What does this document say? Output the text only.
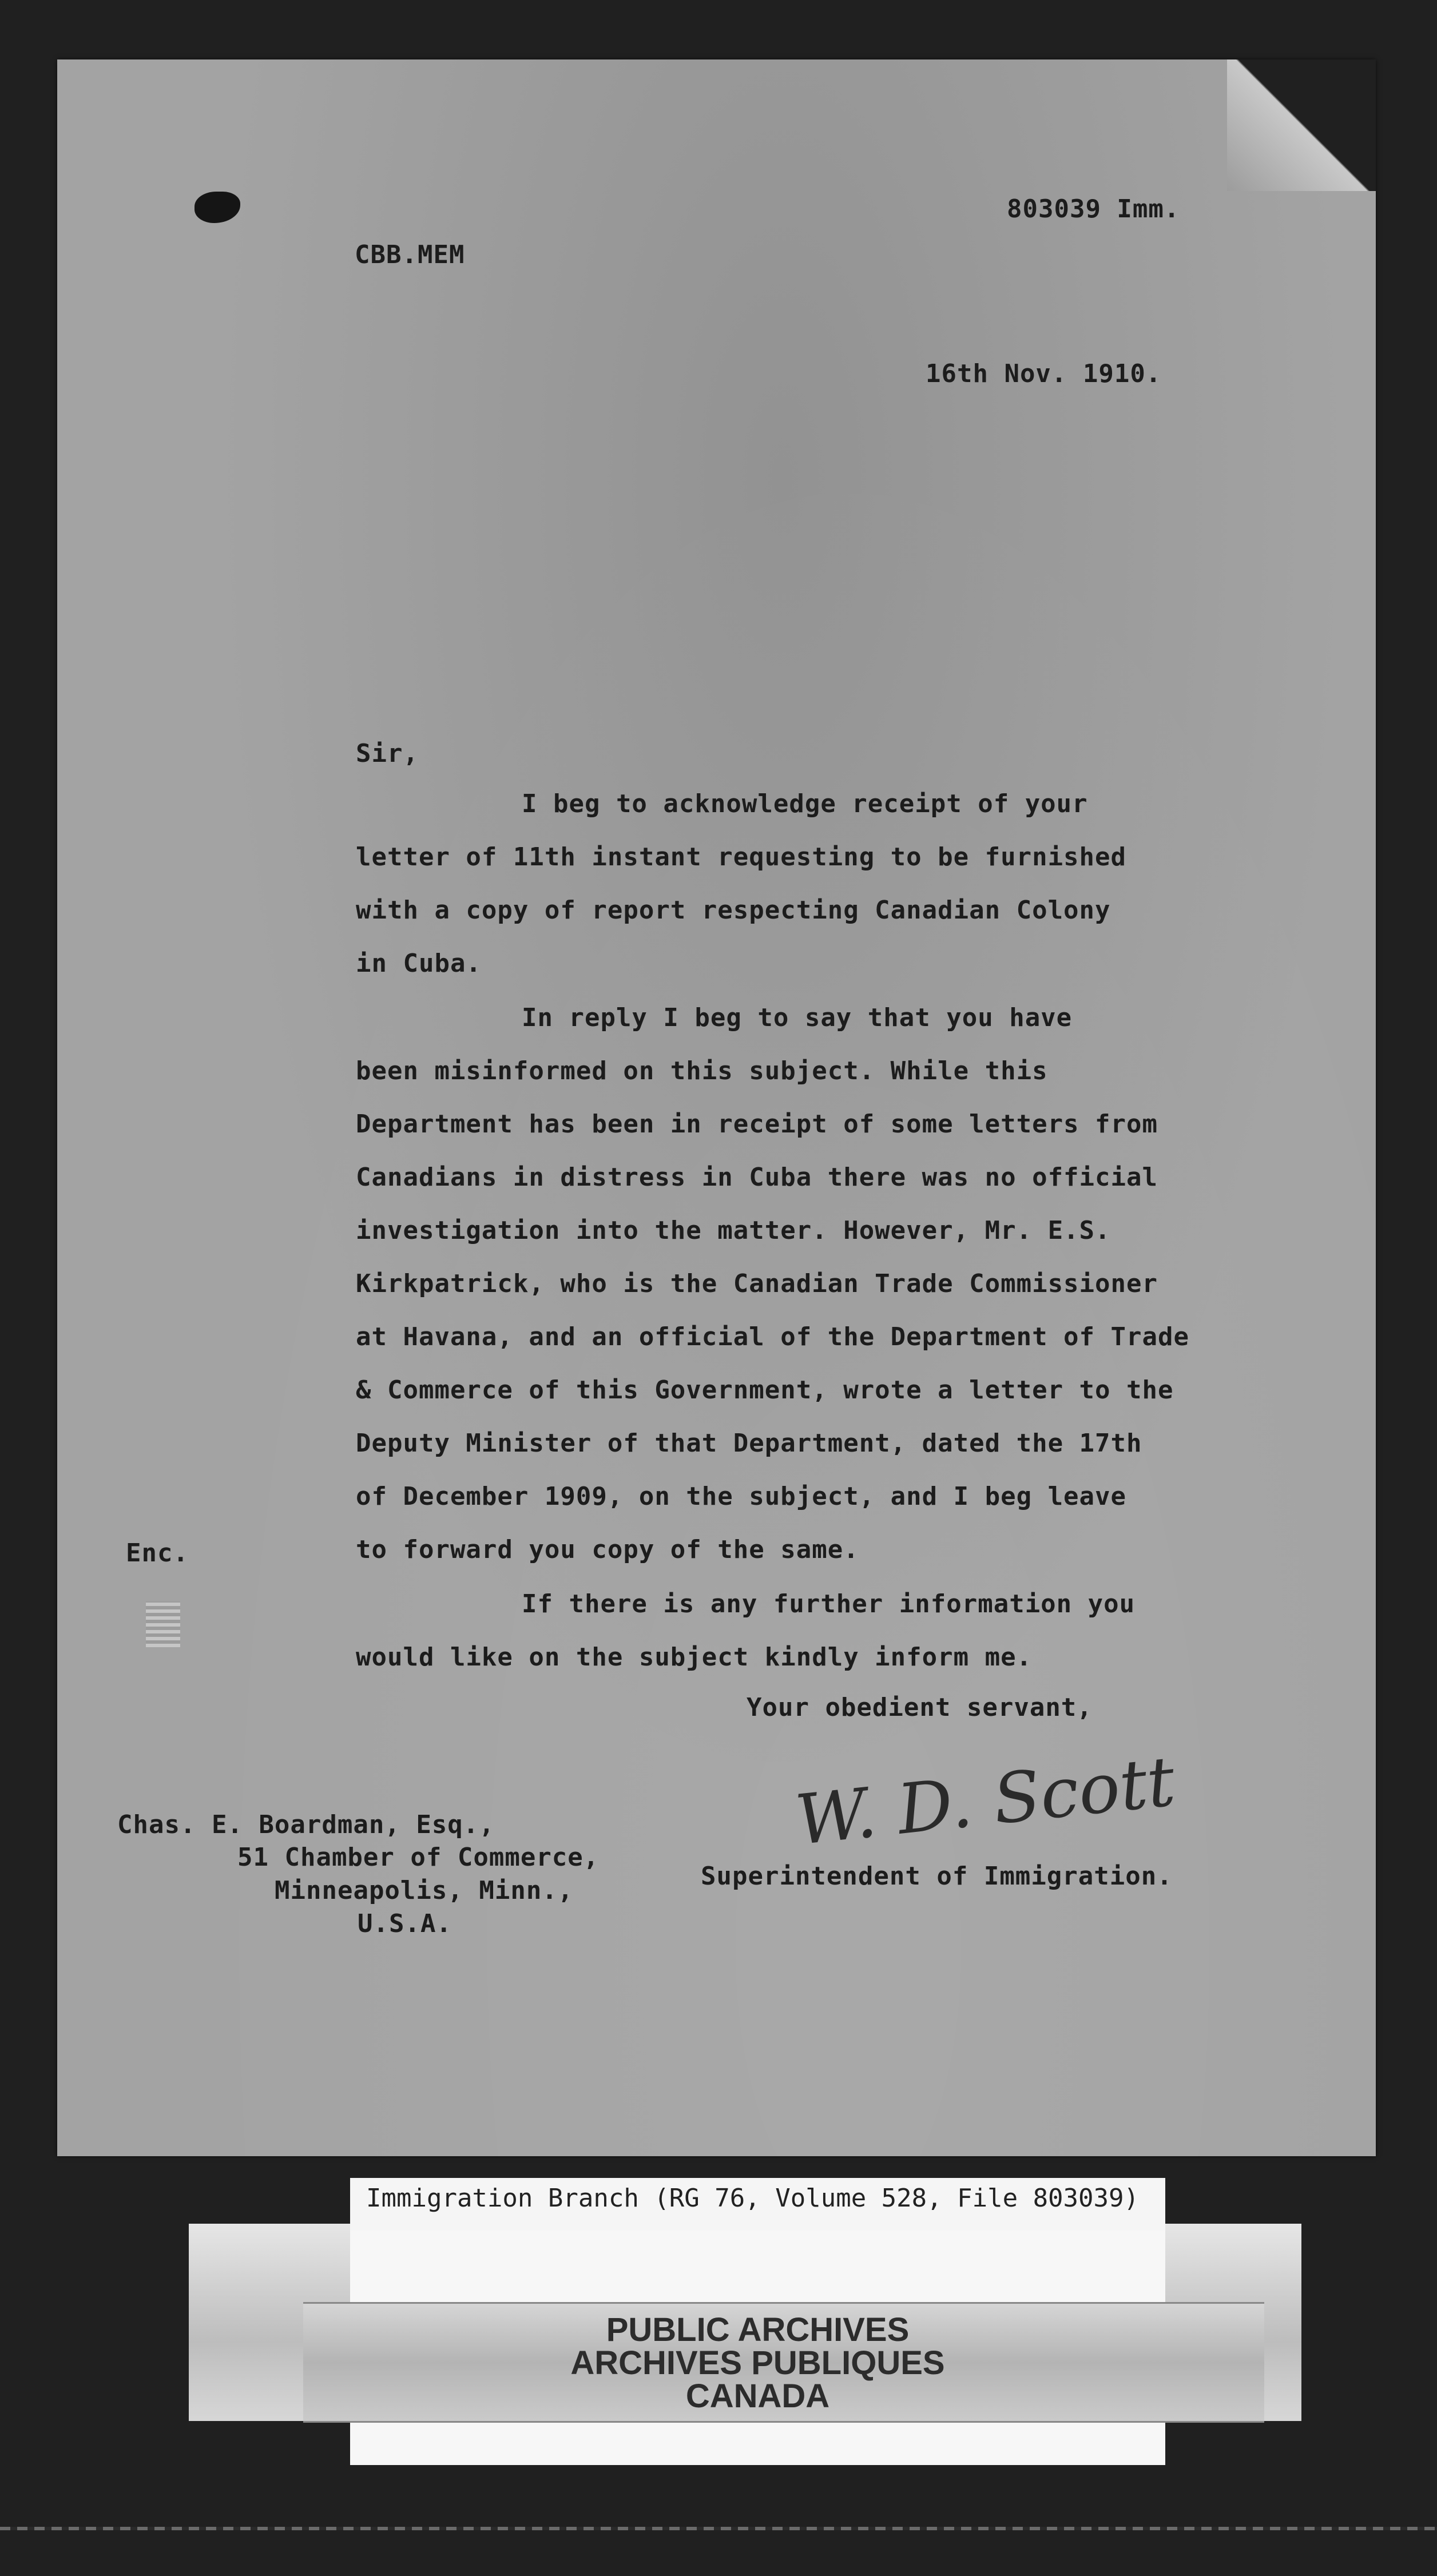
803039 Imm.
CBB.MEM
16th Nov. 1910.
Sir,
I beg to acknowledge receipt of your
letter of 11th instant requesting to be furnished
with a copy of report respecting Canadian Colony
in Cuba.
In reply I beg to say that you have
been misinformed on this subject. While this
Department has been in receipt of some letters from
Canadians in distress in Cuba there was no official
investigation into the matter. However, Mr. E.S.
Kirkpatrick, who is the Canadian Trade Commissioner
at Havana, and an official of the Department of Trade
& Commerce of this Government, wrote a letter to the
Deputy Minister of that Department, dated the 17th
of December 1909, on the subject, and I beg leave
to forward you copy of the same.
If there is any further information you
would like on the subject kindly inform me.
Enc.
Your obedient servant,
W. D. Scott
Superintendent of Immigration.
Chas. E. Boardman, Esq.,
51 Chamber of Commerce,
Minneapolis, Minn.,
U.S.A.
Immigration Branch (RG 76, Volume 528, File 803039)
PUBLIC ARCHIVES
ARCHIVES PUBLIQUES
CANADA
